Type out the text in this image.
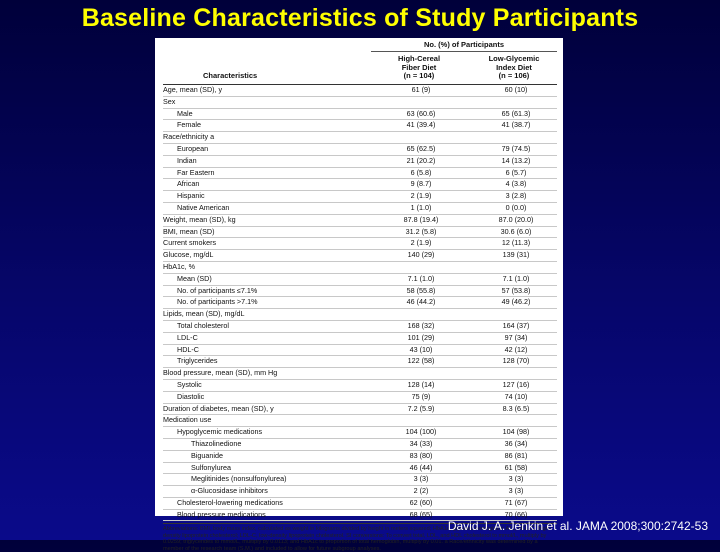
Baseline Characteristics of Study Participants
No. (%) of Participants
High-Cereal
Fiber Diet
(n = 104)
Low-Glycemic
Index Diet
(n = 106)
Characteristics
Age, mean (SD), y	61 (9)	60 (10)
Sex
Male	63 (60.6)	65 (61.3)
Female	41 (39.4)	41 (38.7)
Race/ethnicity a
European	65 (62.5)	79 (74.5)
Indian	21 (20.2)	14 (13.2)
Far Eastern	6 (5.8)	6 (5.7)
African	9 (8.7)	4 (3.8)
Hispanic	2 (1.9)	3 (2.8)
Native American	1 (1.0)	0 (0.0)
Weight, mean (SD), kg	87.8 (19.4)	87.0 (20.0)
BMI, mean (SD)	31.2 (5.8)	30.6 (6.0)
Current smokers	2 (1.9)	12 (11.3)
Glucose, mg/dL	140 (29)	139 (31)
HbA1c, %
Mean (SD)	7.1 (1.0)	7.1 (1.0)
No. of participants ≤7.1%	58 (55.8)	57 (53.8)
No. of participants >7.1%	46 (44.2)	49 (46.2)
Lipids, mean (SD), mg/dL
Total cholesterol	168 (32)	164 (37)
LDL-C	101 (29)	97 (34)
HDL-C	43 (10)	42 (12)
Triglycerides	122 (58)	128 (70)
Blood pressure, mean (SD), mm Hg
Systolic	128 (14)	127 (16)
Diastolic	75 (9)	74 (10)
Duration of diabetes, mean (SD), y	7.2 (5.9)	8.3 (6.5)
Medication use
Hypoglycemic medications	104 (100)	104 (98)
Thiazolinedione	34 (33)	36 (34)
Biguanide	83 (80)	86 (81)
Sulfonylurea	46 (44)	61 (58)
Meglitinides (nonsulfonylurea)	3 (3)	3 (3)
α-Glucosidase inhibitors	2 (2)	3 (3)
Cholesterol-lowering medications	62 (60)	71 (67)
Blood pressure medications	68 (65)	70 (66)
Abbreviations: BMI, body mass index, calculated as weight in kilograms divided by height in meters squared; HbA1c, glycated hemoglobin A1c; HDL-C, high-density lipoprotein cholesterol; LDL-C, low-density lipoprotein cholesterol. SI conversions: To convert total, LDL, and HDL cholesterol to mmol/L, multiply by 0.0259; triglycerides to mmol/L, multiply by 0.0113; and HbA1c to proportion of total hemoglobin, multiply by 0.01. a Race/ethnicity was determined by a member of the research team (S.M.) and included to allow for future subgroup analyses.
David J. A. Jenkin et al. JAMA 2008;300:2742-53
